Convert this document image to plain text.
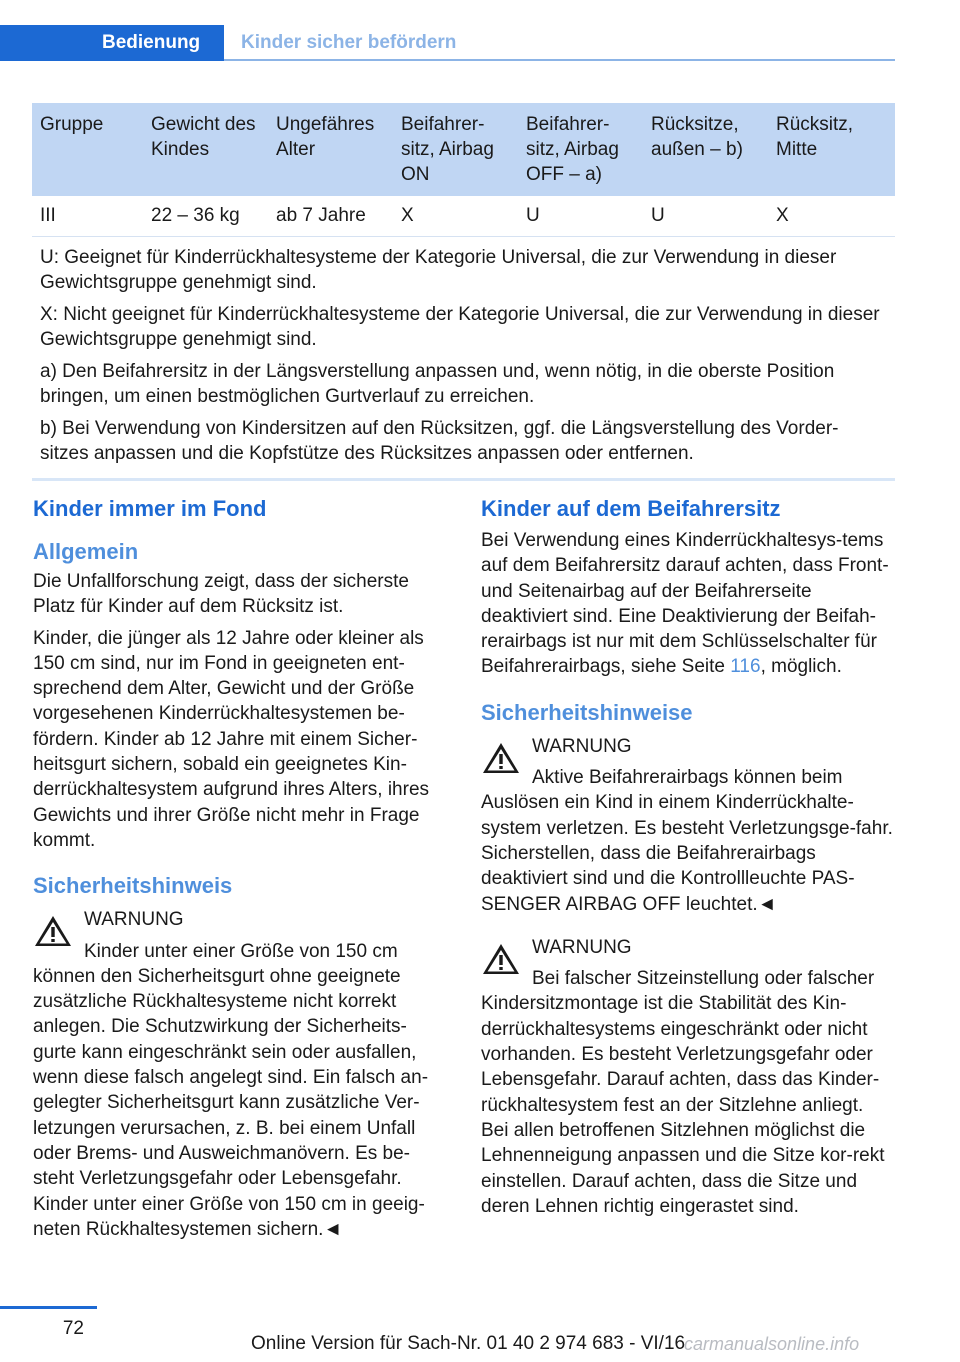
Bedienung	Kinder sicher befördern
Gruppe	Gewicht des Kindes	Ungefähres Alter	Beifahrer-sitz, Airbag ON	Beifahrer-sitz, Airbag OFF – a)	Rücksitze, außen – b)	Rücksitz, Mitte
III	22 – 36 kg	ab 7 Jahre	X	U	U	X

U: Geeignet für Kinderrückhaltesysteme der Kategorie Universal, die zur Verwendung in dieser Gewichtsgruppe genehmigt sind.

X: Nicht geeignet für Kinderrückhaltesysteme der Kategorie Universal, die zur Verwendung in dieser Gewichtsgruppe genehmigt sind.

a) Den Beifahrersitz in der Längsverstellung anpassen und, wenn nötig, in die oberste Position bringen, um einen bestmöglichen Gurtverlauf zu erreichen.

b) Bei Verwendung von Kindersitzen auf den Rücksitzen, ggf. die Längsverstellung des Vorder-sitzes anpassen und die Kopfstütze des Rücksitzes anpassen oder entfernen.						

Kinder immer im Fond
Allgemein

Die Unfallforschung zeigt, dass der sicherste Platz für Kinder auf dem Rücksitz ist.

Kinder, die jünger als 12 Jahre oder kleiner als 150 cm sind, nur im Fond in geeigneten ent-sprechend dem Alter, Gewicht und der Größe vorgesehenen Kinderrückhaltesystemen be-fördern. Kinder ab 12 Jahre mit einem Sicher-heitsgurt sichern, sobald ein geeignetes Kin-derrückhaltesystem aufgrund ihres Alters, ihres Gewichts und ihrer Größe nicht mehr in Frage kommt.

Sicherheitshinweis

WARNUNG

Kinder unter einer Größe von 150 cm können den Sicherheitsgurt ohne geeignete zusätzliche Rückhaltesysteme nicht korrekt anlegen. Die Schutzwirkung der Sicherheits-gurte kann eingeschränkt sein oder ausfallen, wenn diese falsch angelegt sind. Ein falsch an-gelegter Sicherheitsgurt kann zusätzliche Ver-letzungen verursachen, z. B. bei einem Unfall oder Brems- und Ausweichmanövern. Es be-steht Verletzungsgefahr oder Lebensgefahr. Kinder unter einer Größe von 150 cm in geeig-neten Rückhaltesystemen sichern.◄

Kinder auf dem Beifahrersitz

Bei Verwendung eines Kinderrückhaltesys-tems auf dem Beifahrersitz darauf achten, dass Front- und Seitenairbag auf der Beifahrerseite deaktiviert sind. Eine Deaktivierung der Beifah-rerairbags ist nur mit dem Schlüsselschalter für Beifahrerairbags, siehe Seite 116, möglich.

Sicherheitshinweise

WARNUNG

Aktive Beifahrerairbags können beim Auslösen ein Kind in einem Kinderrückhalte-system verletzen. Es besteht Verletzungsge-fahr. Sicherstellen, dass die Beifahrerairbags deaktiviert sind und die Kontrollleuchte PAS-SENGER AIRBAG OFF leuchtet.◄

WARNUNG

Bei falscher Sitzeinstellung oder falscher Kindersitzmontage ist die Stabilität des Kin-derrückhaltesystems eingeschränkt oder nicht vorhanden. Es besteht Verletzungsgefahr oder Lebensgefahr. Darauf achten, dass das Kinder-rückhaltesystem fest an der Sitzlehne anliegt. Bei allen betroffenen Sitzlehnen möglichst die Lehnenneigung anpassen und die Sitze kor-rekt einstellen. Darauf achten, dass die Sitze und deren Lehnen richtig eingerastet sind.

72
Online Version für Sach-Nr. 01 40 2 974 683 - VI/16
carmanualsonline.info
